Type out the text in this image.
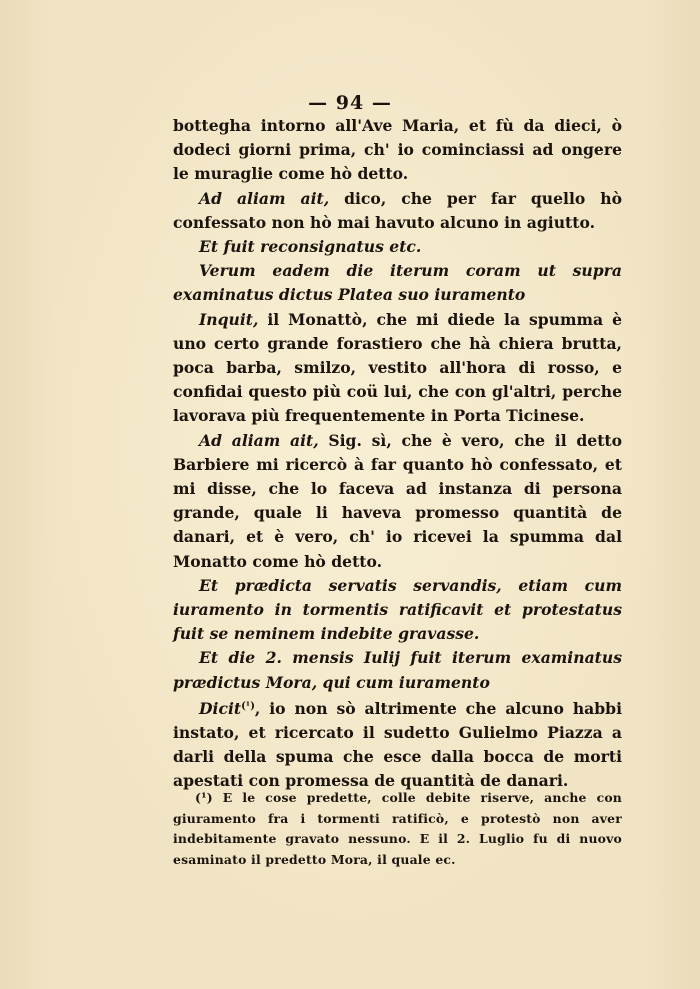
— 94 —

bottegha intorno all'Ave Maria, et fù da dieci, ò dodeci giorni prima, ch' io cominciassi ad ongere le muraglie come hò detto.

Ad aliam ait, dico, che per far quello hò confessato non hò mai havuto alcuno in agiutto.

Et fuit reconsignatus etc.

Verum eadem die iterum coram ut supra examinatus dictus Platea suo iuramento

Inquit, il Monattò, che mi diede la spumma è uno certo grande forastiero che hà chiera brutta, poca barba, smilzo, vestito all'hora di rosso, e confidai questo più coü lui, che con gl'altri, perche lavorava più frequentemente in Porta Ticinese.

Ad aliam ait, Sig. sì, che è vero, che il detto Barbiere mi ricercò à far quanto hò confessato, et mi disse, che lo faceva ad instanza di persona grande, quale li haveva promesso quantità de danari, et è vero, ch' io ricevei la spumma dal Monatto come hò detto.

Et prædicta servatis servandis, etiam cum iuramento in tormentis ratificavit et protestatus fuit se neminem indebite gravasse.

Et die 2. mensis Iulij fuit iterum examinatus prædictus Mora, qui cum iuramento

Dicit$^{(^1)}$, io non sò altrimente che alcuno habbi instato, et ricercato il sudetto Gulielmo Piazza a darli della spuma che esce dalla bocca de morti apestati con promessa de quantità de danari.

(¹) E le cose predette, colle debite riserve, anche con giuramento fra i tormenti ratificò, e protestò non aver indebitamente gravato nessuno. E il 2. Luglio fu di nuovo esaminato il predetto Mora, il quale ec.
